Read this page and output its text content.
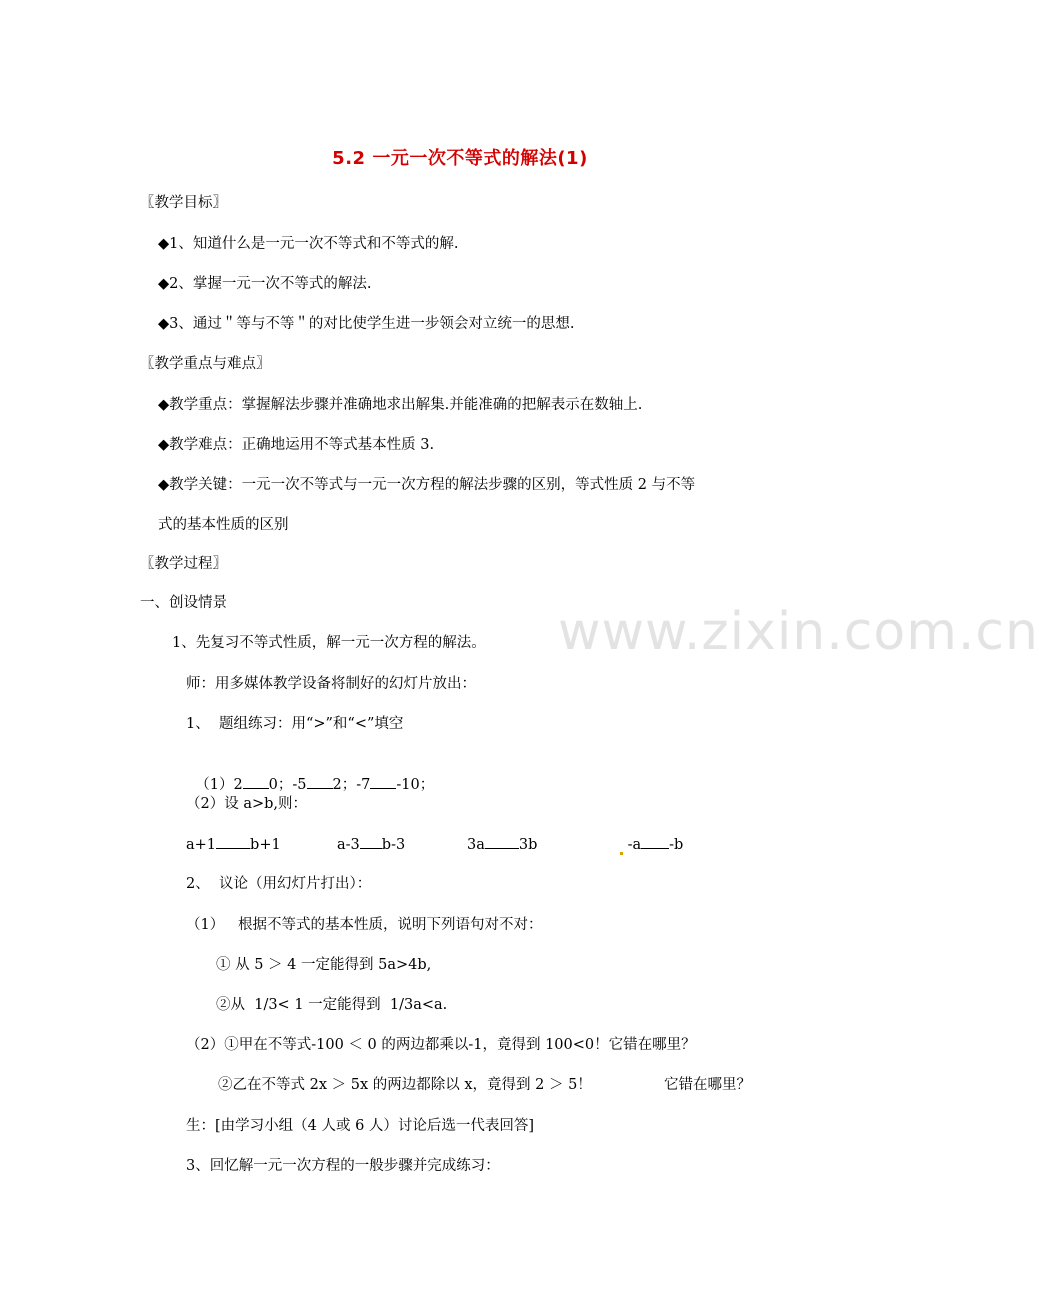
www.zixin.com.cn
5.2 一元一次不等式的解法(1)
〖教学目标〗
◆1、知道什么是一元一次不等式和不等式的解.
◆2、掌握一元一次不等式的解法.
◆3、通过＂等与不等＂的对比使学生进一步领会对立统一的思想.
〖教学重点与难点〗
◆教学重点：掌握解法步骤并准确地求出解集.并能准确的把解表示在数轴上.
◆教学难点：正确地运用不等式基本性质 3.
◆教学关键：一元一次不等式与一元一次方程的解法步骤的区别，等式性质 2 与不等
式的基本性质的区别
〖教学过程〗
一、创设情景
1、先复习不等式性质，解一元一次方程的解法。
师：用多媒体教学设备将制好的幻灯片放出：
1、  题组练习：用“>”和“<”填空

（1）2 0；-5 2；-7 -10；

（2）设 a>b,则：
a+1 b+1	a-3 b-3	3a 3b	-a -b
2、  议论（用幻灯片打出）：
（1）   根据不等式的基本性质，说明下列语句对不对：
① 从 5 ＞ 4 一定能得到 5a>4b,
②从  1/3< 1 一定能得到  1/3a<a.
（2）①甲在不等式-100 ＜ 0 的两边都乘以-1，竟得到 100<0！它错在哪里？
②乙在不等式 2x ＞ 5x 的两边都除以 x，竟得到 2 ＞ 5！	它错在哪里？
生：[由学习小组（4 人或 6 人）讨论后选一代表回答]
3、回忆解一元一次方程的一般步骤并完成练习：
